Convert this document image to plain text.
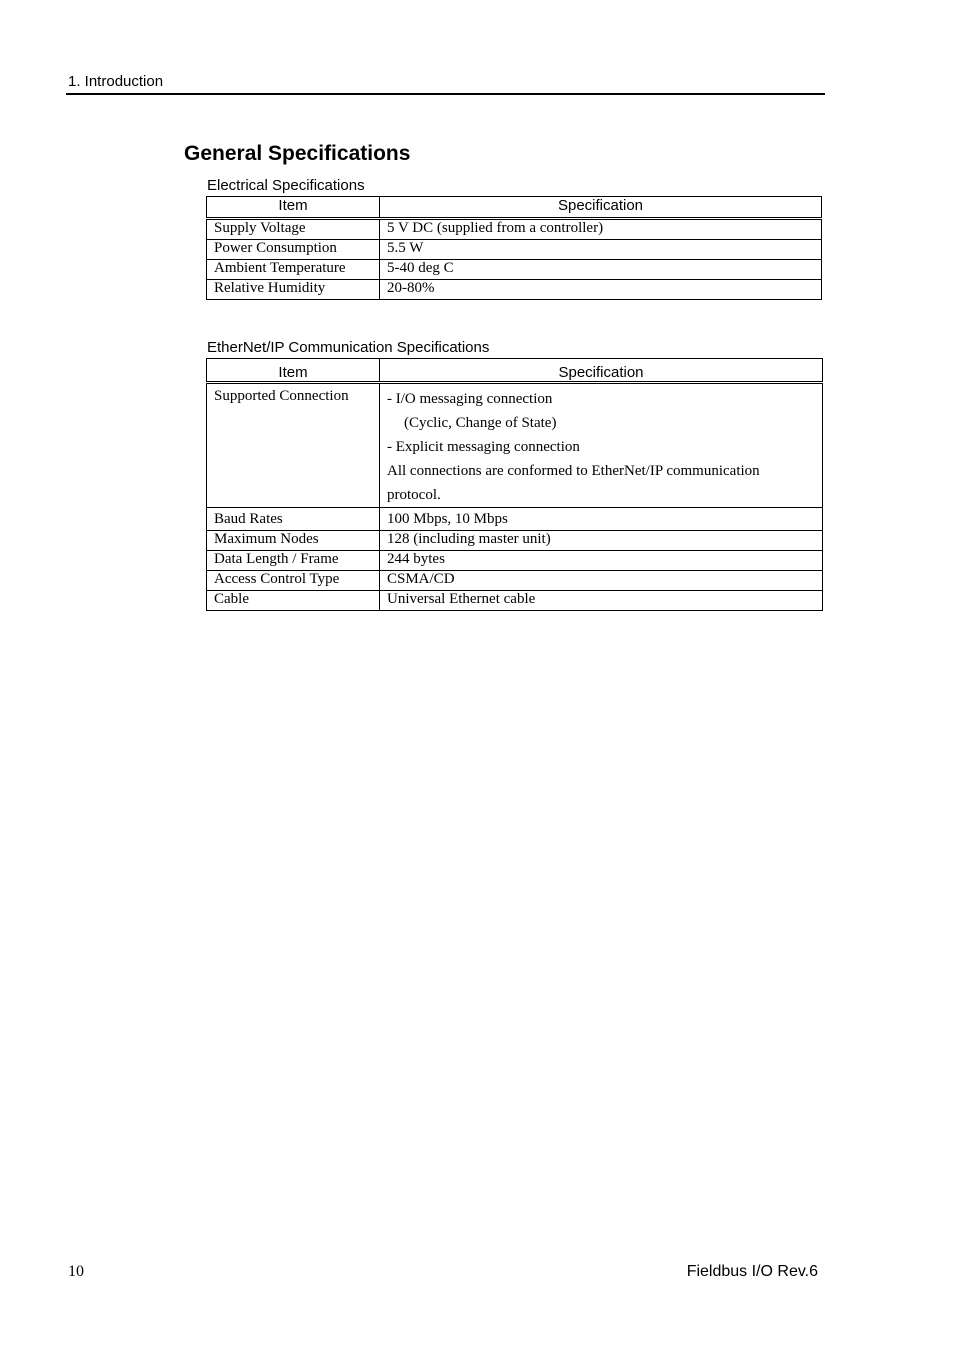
1. Introduction
General Specifications
Electrical Specifications
Item	Specification
Supply Voltage	5 V DC (supplied from a controller)
Power Consumption	5.5 W
Ambient Temperature	5-40 deg C
Relative Humidity	20-80%
EtherNet/IP Communication Specifications
Item	Specification
Supported Connection	- I/O messaging connection
(Cyclic, Change of State)
- Explicit messaging connection
All connections are conformed to EtherNet/IP communication
protocol.

Baud Rates	100 Mbps, 10 Mbps
Maximum Nodes	128 (including master unit)
Data Length / Frame	244 bytes
Access Control Type	CSMA/CD
Cable	Universal Ethernet cable
10	Fieldbus I/O Rev.6
